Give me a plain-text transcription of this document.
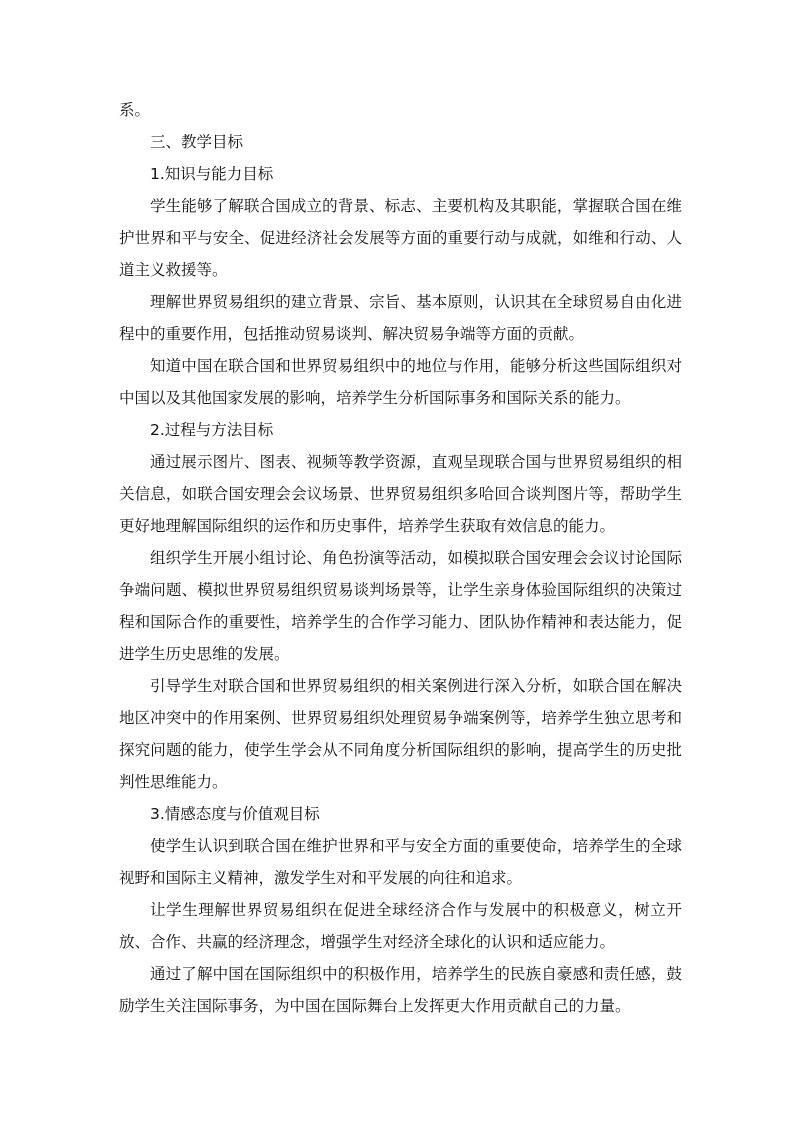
系。

三、教学目标

1.知识与能力目标

学生能够了解联合国成立的背景、标志、主要机构及其职能，掌握联合国在维护世界和平与安全、促进经济社会发展等方面的重要行动与成就，如维和行动、人道主义救援等。

理解世界贸易组织的建立背景、宗旨、基本原则，认识其在全球贸易自由化进程中的重要作用，包括推动贸易谈判、解决贸易争端等方面的贡献。

知道中国在联合国和世界贸易组织中的地位与作用，能够分析这些国际组织对中国以及其他国家发展的影响，培养学生分析国际事务和国际关系的能力。

2.过程与方法目标

通过展示图片、图表、视频等教学资源，直观呈现联合国与世界贸易组织的相关信息，如联合国安理会会议场景、世界贸易组织多哈回合谈判图片等，帮助学生更好地理解国际组织的运作和历史事件，培养学生获取有效信息的能力。

组织学生开展小组讨论、角色扮演等活动，如模拟联合国安理会会议讨论国际争端问题、模拟世界贸易组织贸易谈判场景等，让学生亲身体验国际组织的决策过程和国际合作的重要性，培养学生的合作学习能力、团队协作精神和表达能力，促进学生历史思维的发展。

引导学生对联合国和世界贸易组织的相关案例进行深入分析，如联合国在解决地区冲突中的作用案例、世界贸易组织处理贸易争端案例等，培养学生独立思考和探究问题的能力，使学生学会从不同角度分析国际组织的影响，提高学生的历史批判性思维能力。

3.情感态度与价值观目标

使学生认识到联合国在维护世界和平与安全方面的重要使命，培养学生的全球视野和国际主义精神，激发学生对和平发展的向往和追求。

让学生理解世界贸易组织在促进全球经济合作与发展中的积极意义，树立开放、合作、共赢的经济理念，增强学生对经济全球化的认识和适应能力。

通过了解中国在国际组织中的积极作用，培养学生的民族自豪感和责任感，鼓励学生关注国际事务，为中国在国际舞台上发挥更大作用贡献自己的力量。
